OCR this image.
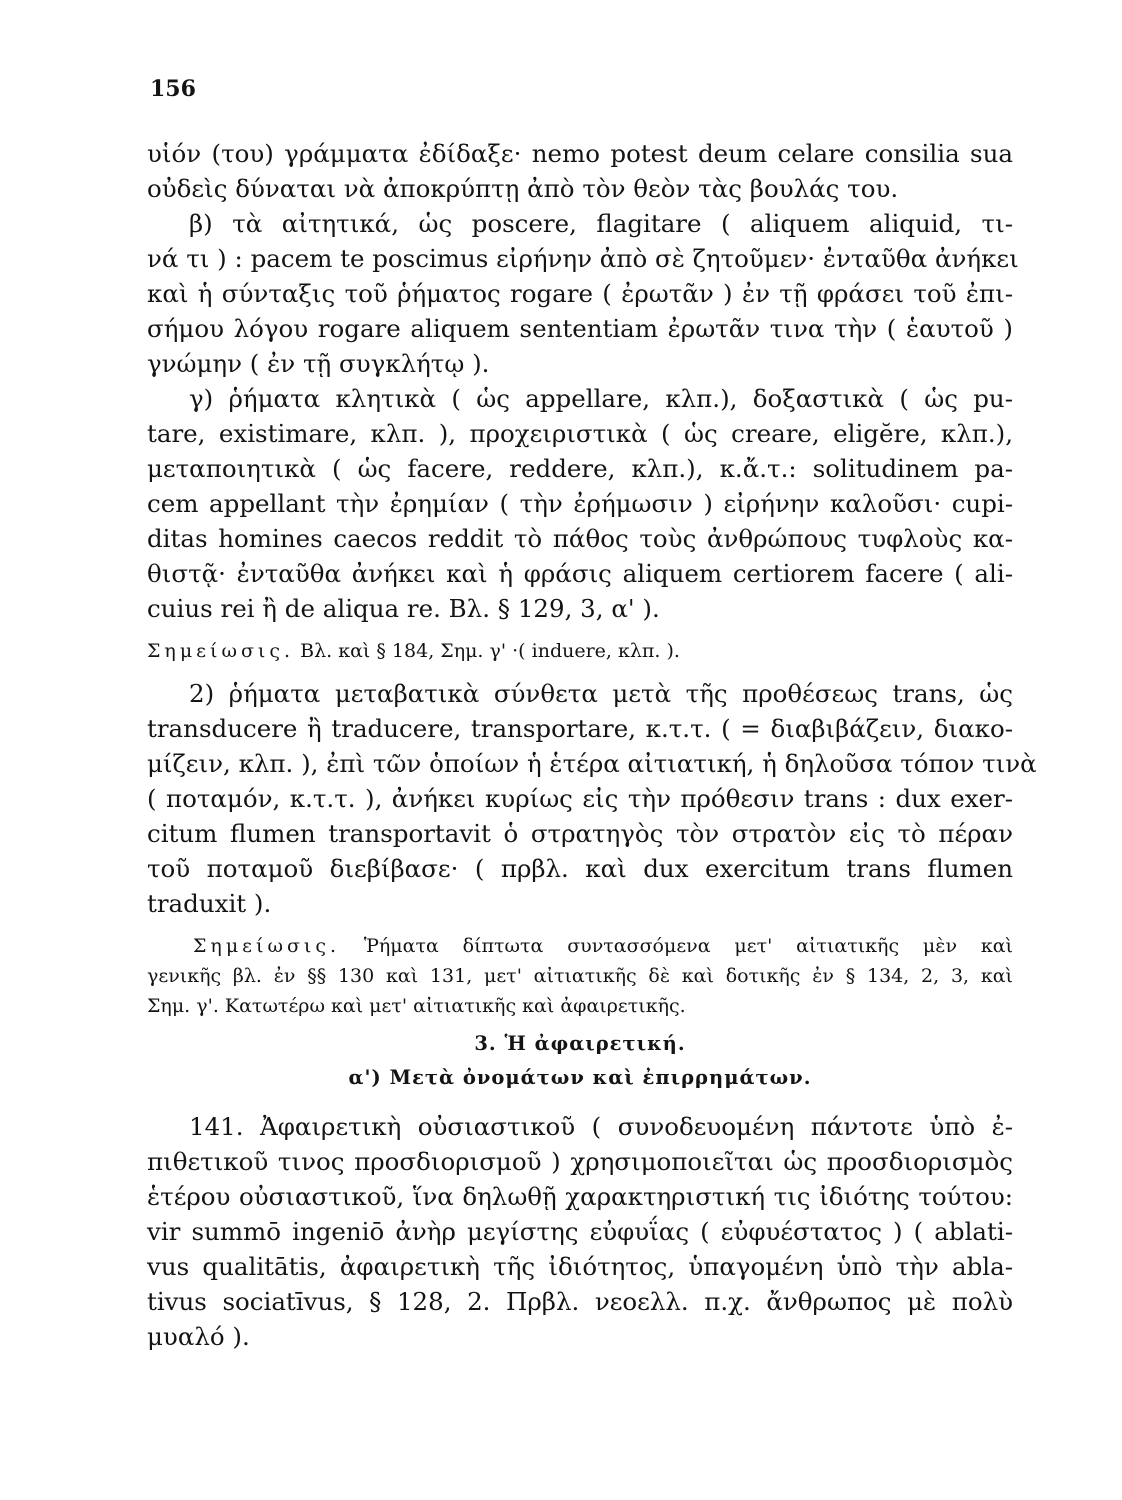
156
υἱόν (του) γράμματα ἐδίδαξε· nemo potest deum celare consilia sua
οὐδεὶς δύναται νὰ ἀποκρύπτῃ ἀπὸ τὸν θεὸν τὰς βουλάς του.
β) τὰ αἰτητικά, ὡς poscere, flagitare ( aliquem aliquid, τι-
νά τι ) : pacem te poscimus εἰρήνην ἀπὸ σὲ ζητοῦμεν· ἐνταῦθα ἀνήκει
καὶ ἡ σύνταξις τοῦ ῥήματος rogare ( ἐρωτᾶν ) ἐν τῇ φράσει τοῦ ἐπι-
σήμου λόγου rogare aliquem sententiam ἐρωτᾶν τινα τὴν ( ἑαυτοῦ )
γνώμην ( ἐν τῇ συγκλήτῳ ).
γ) ῥήματα κλητικὰ ( ὡς appellare, κλπ.), δοξαστικὰ ( ὡς pu-
tare, existimare, κλπ. ), προχειριστικὰ ( ὡς creare, eligĕre, κλπ.),
μεταποιητικὰ ( ὡς facere, reddere, κλπ.), κ.ἄ.τ.: solitudinem pa-
cem appellant τὴν ἐρημίαν ( τὴν ἐρήμωσιν ) εἰρήνην καλοῦσι· cupi-
ditas homines caecos reddit τὸ πάθος τοὺς ἀνθρώπους τυφλοὺς κα-
θιστᾷ· ἐνταῦθα ἀνήκει καὶ ἡ φράσις aliquem certiorem facere ( ali-
cuius rei ἢ de aliqua re. Βλ. § 129, 3, α' ).
Σημείωσις. Βλ. καὶ § 184, Σημ. γ' ·( induere, κλπ. ).
2) ῥήματα μεταβατικὰ σύνθετα μετὰ τῆς προθέσεως trans, ὡς
transducere ἢ traducere, transportare, κ.τ.τ. ( = διαβιβάζειν, διακο-
μίζειν, κλπ. ), ἐπὶ τῶν ὁποίων ἡ ἑτέρα αἰτιατική, ἡ δηλοῦσα τόπον τινὰ
( ποταμόν, κ.τ.τ. ), ἀνήκει κυρίως εἰς τὴν πρόθεσιν trans : dux exer-
citum flumen transportavit ὁ στρατηγὸς τὸν στρατὸν εἰς τὸ πέραν
τοῦ ποταμοῦ διεβίβασε· ( πρβλ. καὶ dux exercitum trans flumen
traduxit ).
Σημείωσις. Ῥήματα δίπτωτα συντασσόμενα μετ' αἰτιατικῆς μὲν καὶ
γενικῆς βλ. ἐν §§ 130 καὶ 131, μετ' αἰτιατικῆς δὲ καὶ δοτικῆς ἐν § 134, 2, 3, καὶ
Σημ. γ'. Κατωτέρω καὶ μετ' αἰτιατικῆς καὶ ἀφαιρετικῆς.
3. Ἡ ἀφαιρετική.
α') Μετὰ ὀνομάτων καὶ ἐπιρρημάτων.
141. Ἀφαιρετικὴ οὐσιαστικοῦ ( συνοδευομένη πάντοτε ὑπὸ ἐ-
πιθετικοῦ τινος προσδιορισμοῦ ) χρησιμοποιεῖται ὡς προσδιορισμὸς
ἑτέρου οὐσιαστικοῦ, ἵνα δηλωθῇ χαρακτηριστική τις ἰδιότης τούτου:
vir summō ingeniō ἀνὴρ μεγίστης εὐφυΐας ( εὐφυέστατος ) ( ablati-
vus qualitātis, ἀφαιρετικὴ τῆς ἰδιότητος, ὑπαγομένη ὑπὸ τὴν abla-
tivus sociatīvus, § 128, 2. Πρβλ. νεοελλ. π.χ. ἄνθρωπος μὲ πολὺ
μυαλό ).
